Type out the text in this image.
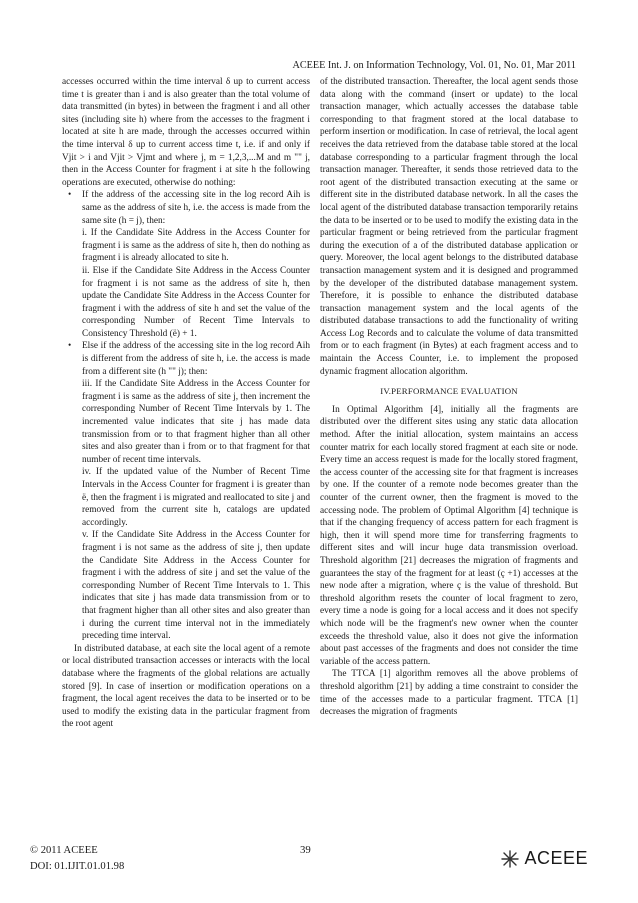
ACEEE Int. J. on Information Technology, Vol. 01, No. 01, Mar 2011

accesses occurred within the time interval δ up to current access time t is greater than i and is also greater than the total volume of data transmitted (in bytes) in between the fragment i and all other sites (including site h) where from the accesses to the fragment i located at site h are made, through the accesses occurred within the time interval δ up to current access time t, i.e. if and only if Vjit > i and Vjit > Vjmt and where j, m = 1,2,3,...M and m "" j, then in the Access Counter for fragment i at site h the following operations are executed, otherwise do nothing:

• If the address of the accessing site in the log record Aih is same as the address of site h, i.e. the access is made from the same site (h = j), then:

i. If the Candidate Site Address in the Access Counter for fragment i is same as the address of site h, then do nothing as fragment i is already allocated to site h.

ii. Else if the Candidate Site Address in the Access Counter for fragment i is not same as the address of site h, then update the Candidate Site Address in the Access Counter for fragment i with the address of site h and set the value of the corresponding Number of Recent Time Intervals to Consistency Threshold (ë) + 1.

• Else if the address of the accessing site in the log record Aih is different from the address of site h, i.e. the access is made from a different site (h "" j); then:

iii. If the Candidate Site Address in the Access Counter for fragment i is same as the address of site j, then increment the corresponding Number of Recent Time Intervals by 1. The incremented value indicates that site j has made data transmission from or to that fragment higher than all other sites and also greater than i from or to that fragment for that number of recent time intervals.

iv. If the updated value of the Number of Recent Time Intervals in the Access Counter for fragment i is greater than ë, then the fragment i is migrated and reallocated to site j and removed from the current site h, catalogs are updated accordingly.

v. If the Candidate Site Address in the Access Counter for fragment i is not same as the address of site j, then update the Candidate Site Address in the Access Counter for fragment i with the address of site j and set the value of the corresponding Number of Recent Time Intervals to 1. This indicates that site j has made data transmission from or to that fragment higher than all other sites and also greater than i during the current time interval not in the immediately preceding time interval.

In distributed database, at each site the local agent of a remote or local distributed transaction accesses or interacts with the local database where the fragments of the global relations are actually stored [9]. In case of insertion or modification operations on a fragment, the local agent receives the data to be inserted or to be used to modify the existing data in the particular fragment from the root agent

of the distributed transaction. Thereafter, the local agent sends those data along with the command (insert or update) to the local transaction manager, which actually accesses the database table corresponding to that fragment stored at the local database to perform insertion or modification. In case of retrieval, the local agent receives the data retrieved from the database table stored at the local database corresponding to a particular fragment through the local transaction manager. Thereafter, it sends those retrieved data to the root agent of the distributed transaction executing at the same or different site in the distributed database network. In all the cases the local agent of the distributed database transaction temporarily retains the data to be inserted or to be used to modify the existing data in the particular fragment or being retrieved from the particular fragment during the execution of a of the distributed database application or query. Moreover, the local agent belongs to the distributed database transaction management system and it is designed and programmed by the developer of the distributed database management system. Therefore, it is possible to enhance the distributed database transaction management system and the local agents of the distributed database transactions to add the functionality of writing Access Log Records and to calculate the volume of data transmitted from or to each fragment (in Bytes) at each fragment access and to maintain the Access Counter, i.e. to implement the proposed dynamic fragment allocation algorithm.

IV.PERFORMANCE EVALUATION

In Optimal Algorithm [4], initially all the fragments are distributed over the different sites using any static data allocation method. After the initial allocation, system maintains an access counter matrix for each locally stored fragment at each site or node. Every time an access request is made for the locally stored fragment, the access counter of the accessing site for that fragment is increases by one. If the counter of a remote node becomes greater than the counter of the current owner, then the fragment is moved to the accessing node. The problem of Optimal Algorithm [4] technique is that if the changing frequency of access pattern for each fragment is high, then it will spend more time for transferring fragments to different sites and will incur huge data transmission overload. Threshold algorithm [21] decreases the migration of fragments and guarantees the stay of the fragment for at least (ç +1) accesses at the new node after a migration, where ç is the value of threshold. But threshold algorithm resets the counter of local fragment to zero, every time a node is going for a local access and it does not specify which node will be the fragment's new owner when the counter exceeds the threshold value, also it does not give the information about past accesses of the fragments and does not consider the time variable of the access pattern.

The TTCA [1] algorithm removes all the above problems of threshold algorithm [21] by adding a time constraint to consider the time of the accesses made to a particular fragment. TTCA [1] decreases the migration of fragments

© 2011 ACEEE
DOI: 01.IJIT.01.01.98
39	ACEEE
